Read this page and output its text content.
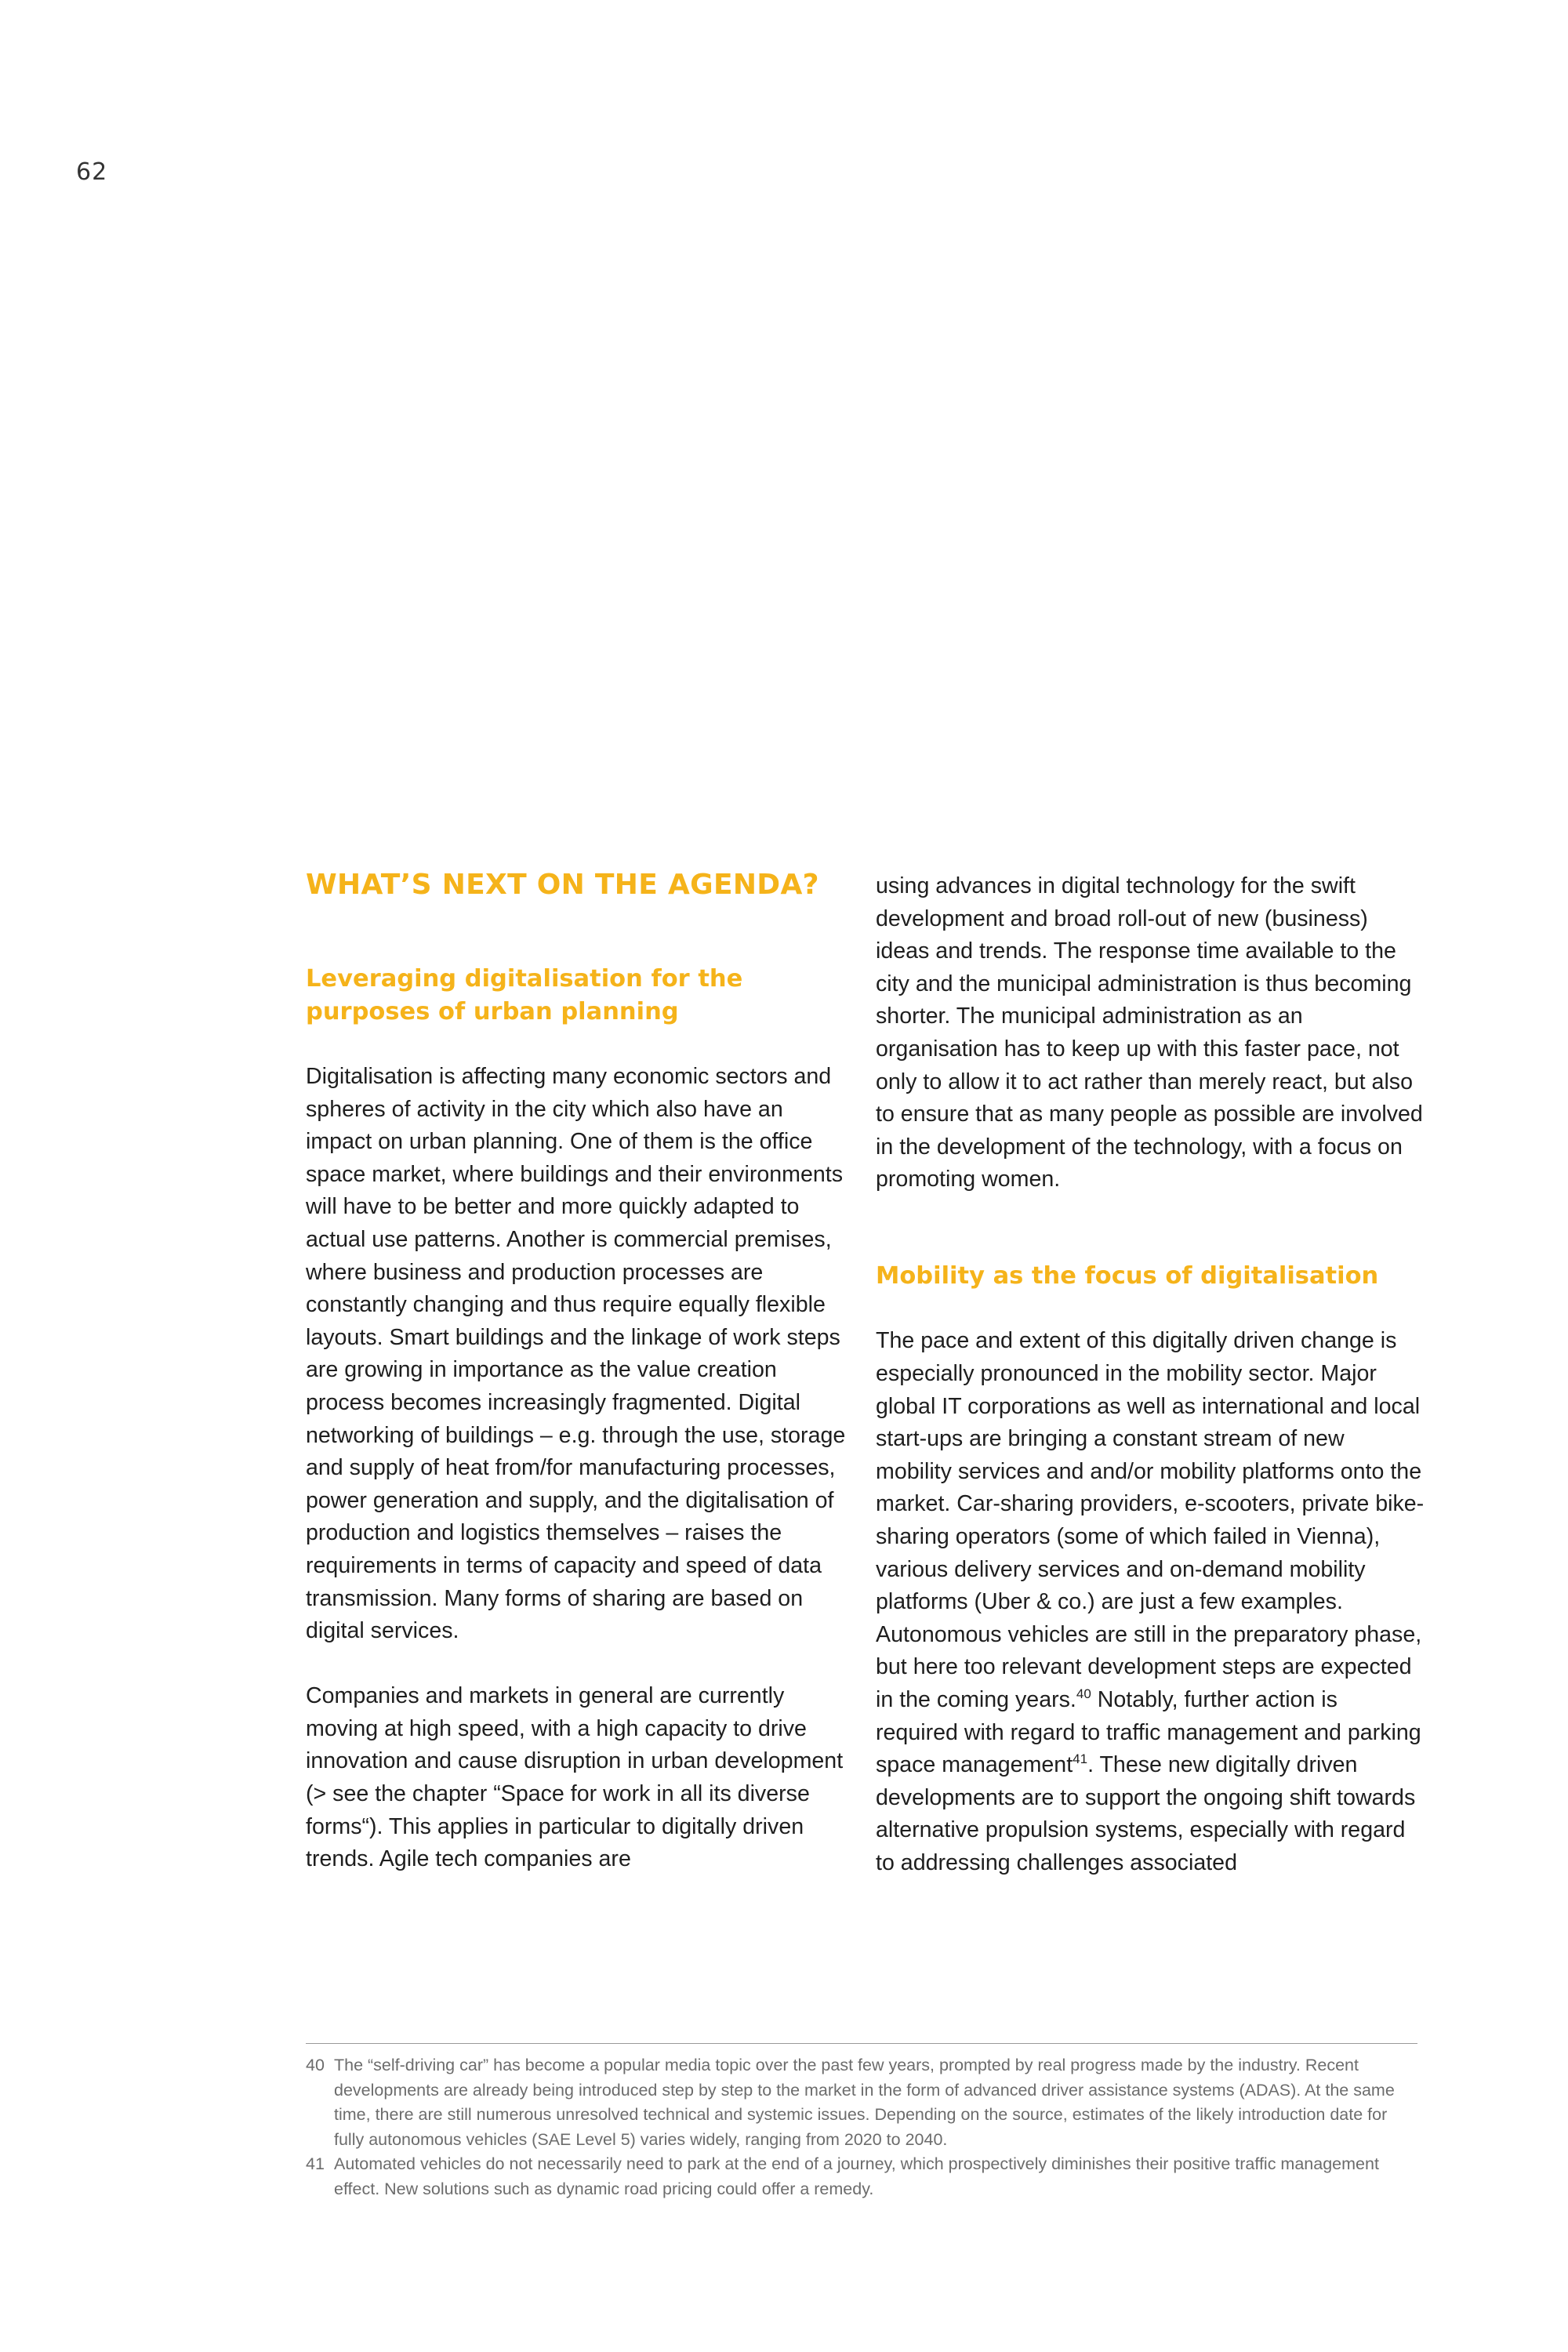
62
WHAT’S NEXT ON THE AGENDA?
Leveraging digitalisation for the purposes of urban planning

Digitalisation is affecting many economic sectors and spheres of activity in the city which also have an impact on urban planning. One of them is the office space market, where buildings and their environments will have to be better and more quickly adapted to actual use patterns. Another is commercial premises, where business and production processes are constantly changing and thus require equally flexible layouts. Smart buildings and the linkage of work steps are growing in importance as the value creation process becomes increasingly fragmented. Digital networking of buildings – e.g. through the use, storage and supply of heat from/for manufacturing processes, power generation and supply, and the digitalisation of production and logistics themselves – raises the requirements in terms of capacity and speed of data transmission. Many forms of sharing are based on digital services.

Companies and markets in general are currently moving at high speed, with a high capacity to drive innovation and cause disruption in urban development (> see the chapter “Space for work in all its diverse forms“). This applies in particular to digitally driven trends. Agile tech companies are

using advances in digital technology for the swift development and broad roll-out of new (business) ideas and trends. The response time available to the city and the municipal administration is thus becoming shorter. The municipal administration as an organisation has to keep up with this faster pace, not only to allow it to act rather than merely react, but also to ensure that as many people as possible are involved in the development of the technology, with a focus on promoting women.

Mobility as the focus of digitalisation

The pace and extent of this digitally driven change is especially pronounced in the mobility sector. Major global IT corporations as well as international and local start-ups are bringing a constant stream of new mobility services and and/or mobility platforms onto the market. Car-sharing providers, e-scooters, private bike-sharing operators (some of which failed in Vienna), various delivery services and on-demand mobility platforms (Uber & co.) are just a few examples. Autonomous vehicles are still in the preparatory phase, but here too relevant development steps are expected in the coming years.$^{40}$ Notably, further action is required with regard to traffic management and parking space management$^{41}$. These new digitally driven developments are to support the ongoing shift towards alternative propulsion systems, especially with regard to addressing challenges associated

40 The “self-driving car” has become a popular media topic over the past few years, prompted by real progress made by the industry. Recent developments are already being introduced step by step to the market in the form of advanced driver assistance systems (ADAS). At the same time, there are still numerous unresolved technical and systemic issues. Depending on the source, estimates of the likely introduction date for fully autonomous vehicles (SAE Level 5) varies widely, ranging from 2020 to 2040.

41 Automated vehicles do not necessarily need to park at the end of a journey, which prospectively diminishes their positive traffic management effect. New solutions such as dynamic road pricing could offer a remedy.
